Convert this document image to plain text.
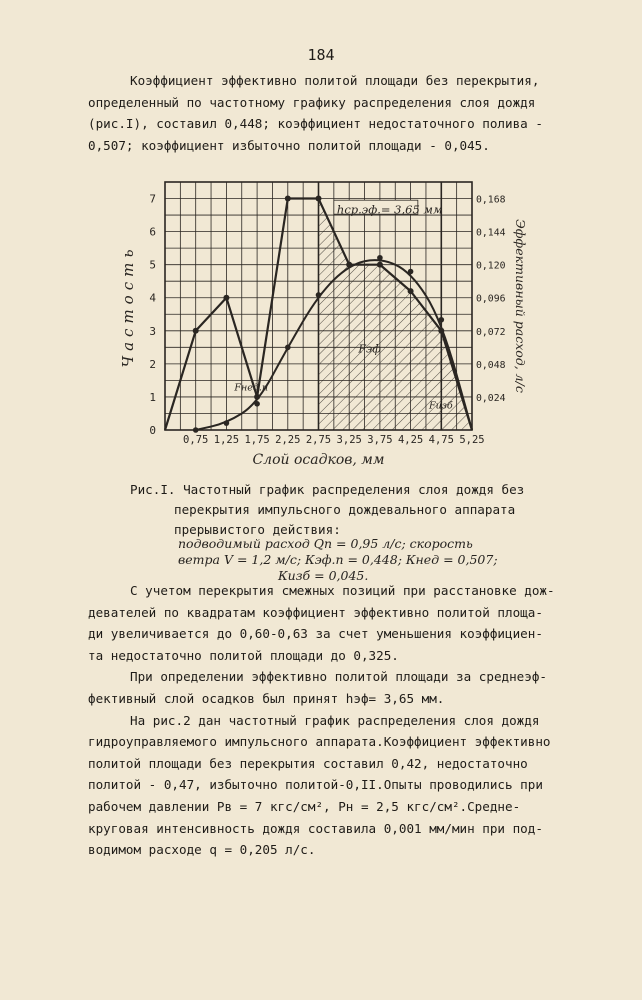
184
Коэффициент эффективно политой площади без перекрытия,
определенный по частотному графику распределения слоя дождя
(рис.I), составил 0,448; коэффициент недостаточного полива -
0,507; коэффициент избыточно политой площади - 0,045.
0,75 1,25 1,75 2,25 2,75 3,25 3,75 4,25 4,75 5,25
0
1
2
3
4
5
6
7
0,024
0,048
0,072
0,096
0,120
0,144
0,168
Слой осадков, мм
Частость	Эффективный расход, л/с
hср.эф.= 3,65 мм
Fэф
Fнед.п
Fизб
Рис.I. Частотный график распределения слоя дождя без
перекрытия импульсного дождевального аппарата
прерывистого действия:
подводимый расход Qп = 0,95 л/с; скорость
ветра V = 1,2 м/с; Кэф.п = 0,448; Кнед = 0,507;
Кизб = 0,045.
С учетом перекрытия смежных позиций при расстановке дож-
девателей по квадратам коэффициент эффективно политой площа-
ди увеличивается до 0,60-0,63 за счет уменьшения коэффициен-
та недостаточно политой площади до 0,325.
При определении эффективно политой площади за среднеэф-
фективный слой осадков был принят hэф= 3,65 мм.
На рис.2 дан частотный график распределения слоя дождя
гидроуправляемого импульсного аппарата.Коэффициент эффективно
политой площади без перекрытия составил 0,42, недостаточно
политой - 0,47, избыточно политой-0,II.Опыты проводились при
рабочем давлении Pв = 7 кгс/см², Pн = 2,5 кгс/см².Средне-
круговая интенсивность дождя составила 0,001 мм/мин при под-
водимом расходе q = 0,205 л/с.
